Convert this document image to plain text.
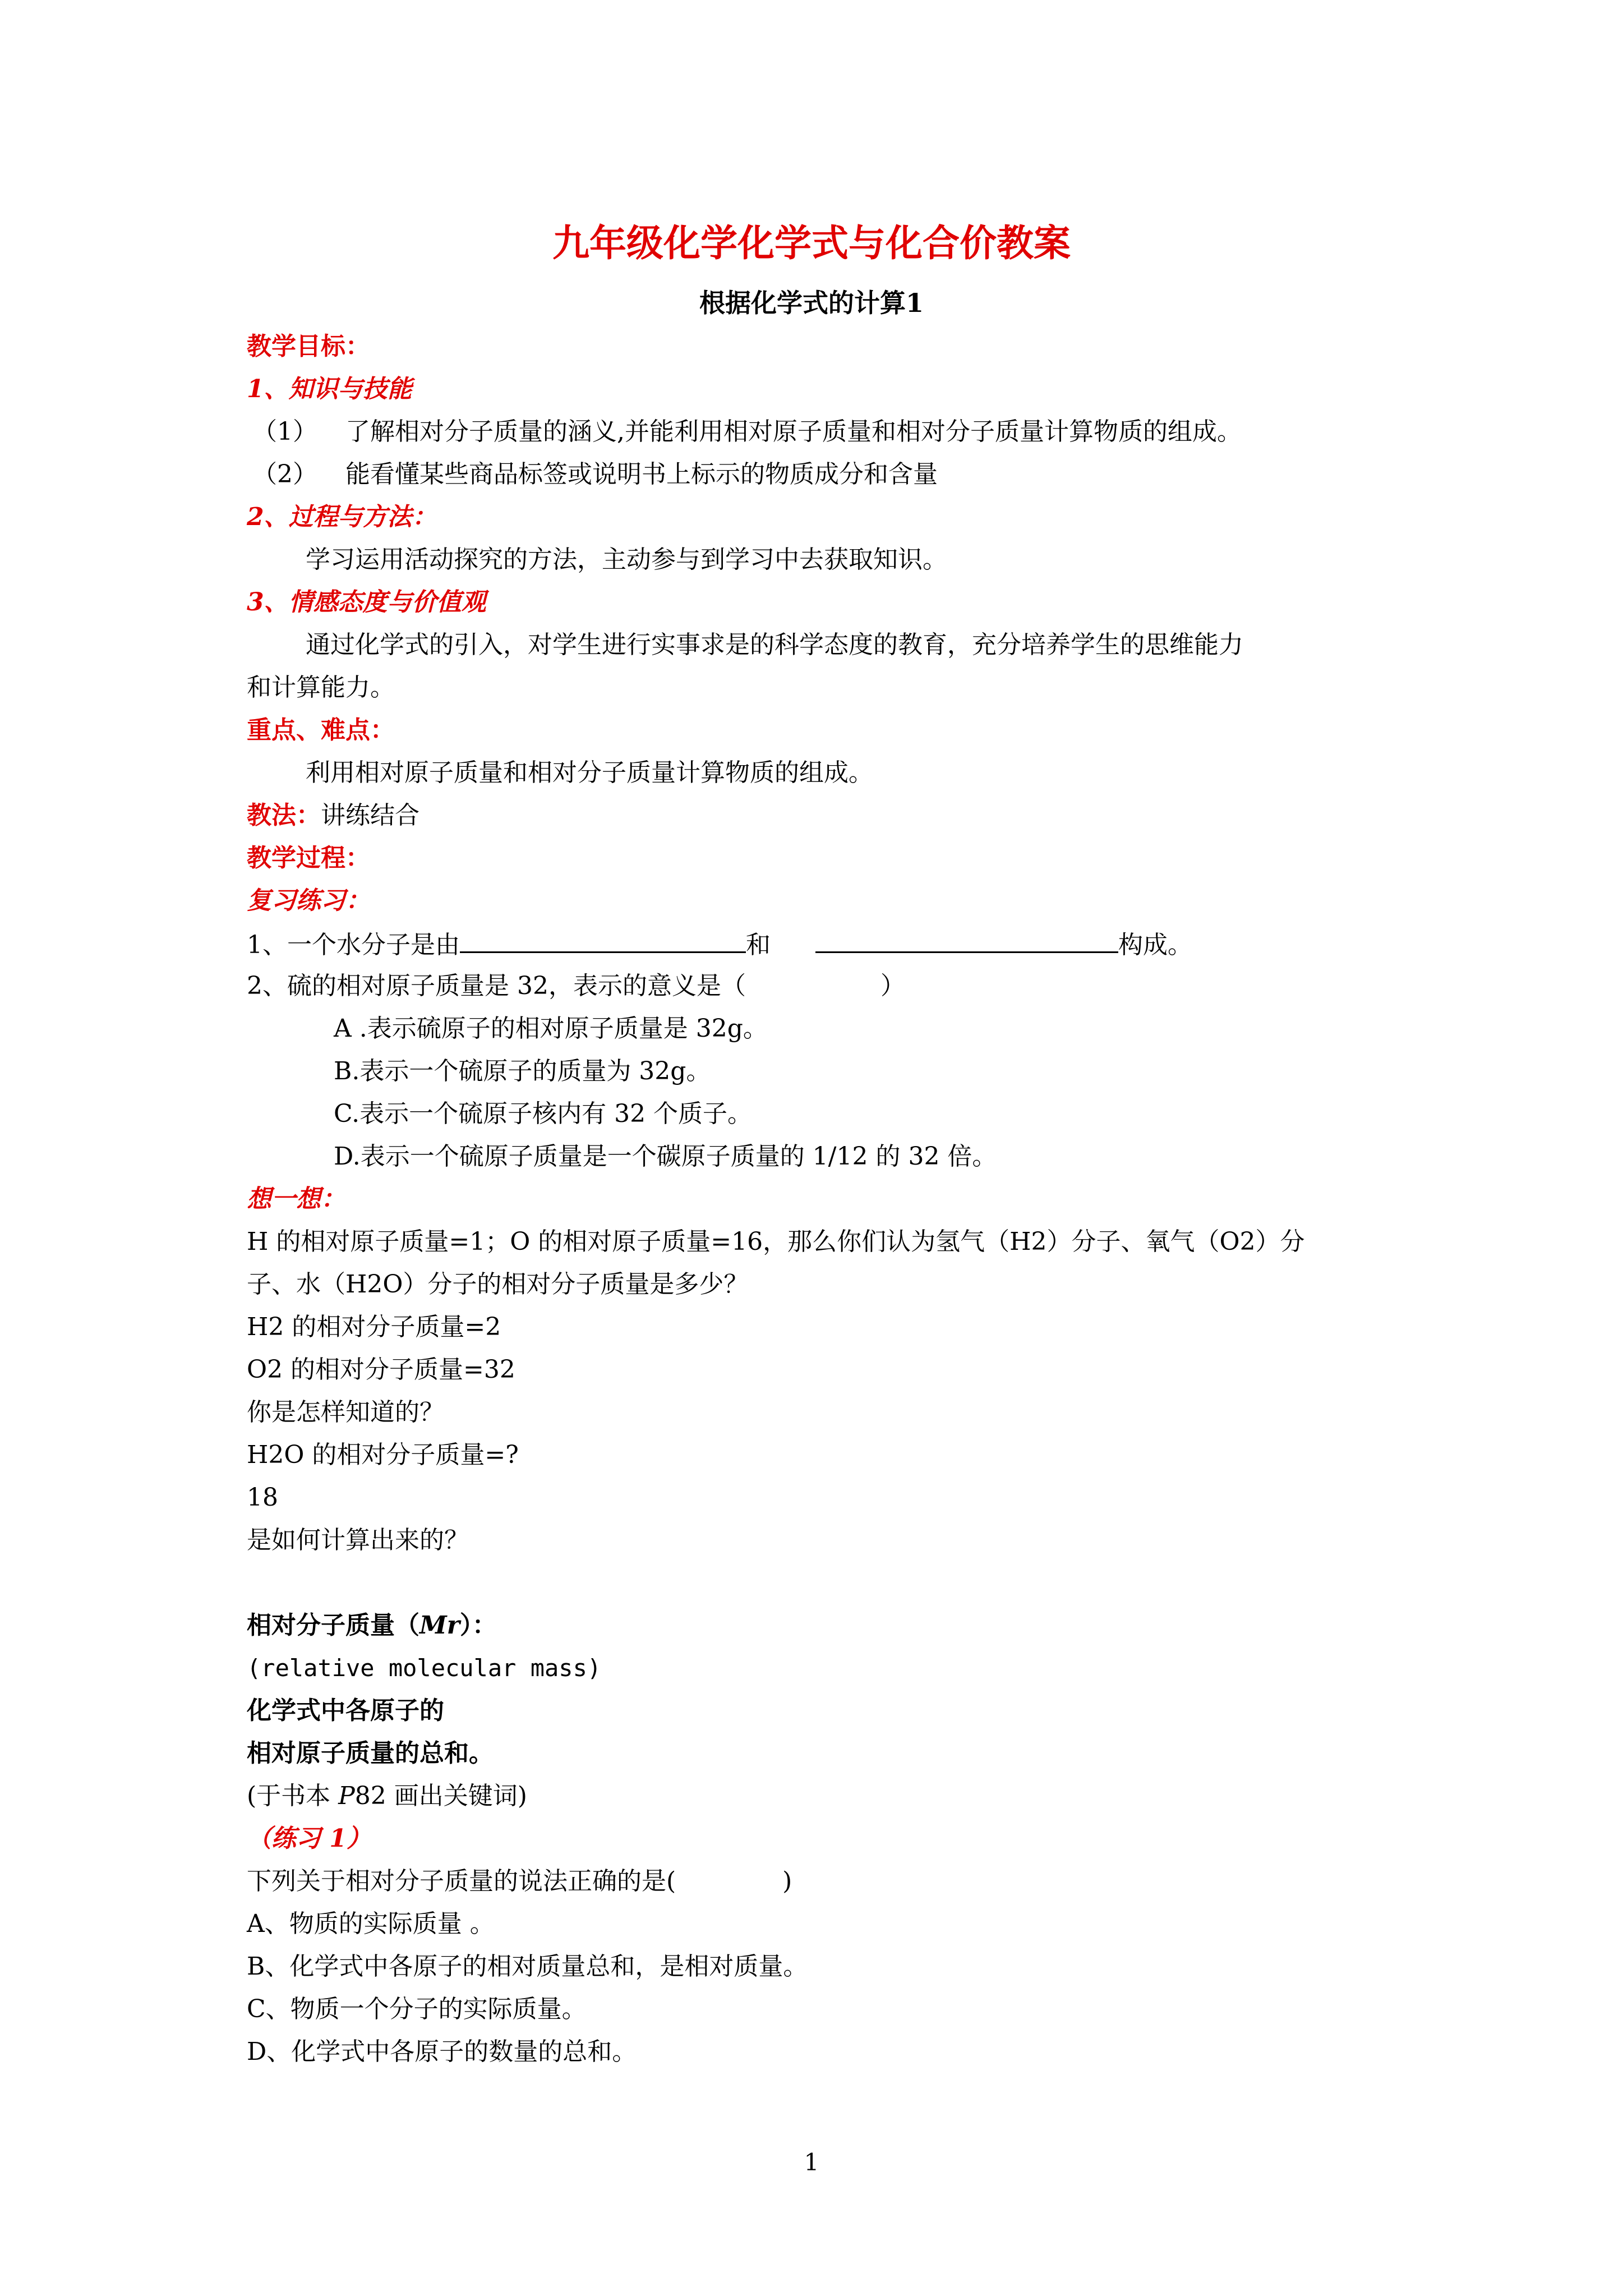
九年级化学化学式与化合价教案
根据化学式的计算1
教学目标：
1、知识与技能
（1） 了解相对分子质量的涵义,并能利用相对原子质量和相对分子质量计算物质的组成。
（2） 能看懂某些商品标签或说明书上标示的物质成分和含量
2、过程与方法：
学习运用活动探究的方法，主动参与到学习中去获取知识。
3、情感态度与价值观
通过化学式的引入，对学生进行实事求是的科学态度的教育，充分培养学生的思维能力
和计算能力。
重点、难点：
利用相对原子质量和相对分子质量计算物质的组成。
教法：讲练结合
教学过程：
复习练习：
1、一个水分子是由	和	构成。
2、硫的相对原子质量是 32，表示的意义是（	）
A .表示硫原子的相对原子质量是 32g。
B.表示一个硫原子的质量为 32g。
C.表示一个硫原子核内有 32 个质子。
D.表示一个硫原子质量是一个碳原子质量的 1/12 的 32 倍。
想一想：
H 的相对原子质量=1；O 的相对原子质量=16，那么你们认为氢气（H2）分子、氧气（O2）分
子、水（H2O）分子的相对分子质量是多少？
H2 的相对分子质量=2
O2 的相对分子质量=32
你是怎样知道的？
H2O 的相对分子质量=?
18
是如何计算出来的？
相对分子质量（Mr）：
(relative molecular mass)
化学式中各原子的
相对原子质量的总和。
(于书本 P82 画出关键词)
（练习 1）
下列关于相对分子质量的说法正确的是(	)
A、物质的实际质量 。
B、化学式中各原子的相对质量总和，是相对质量。
C、物质一个分子的实际质量。
D、化学式中各原子的数量的总和。
1
